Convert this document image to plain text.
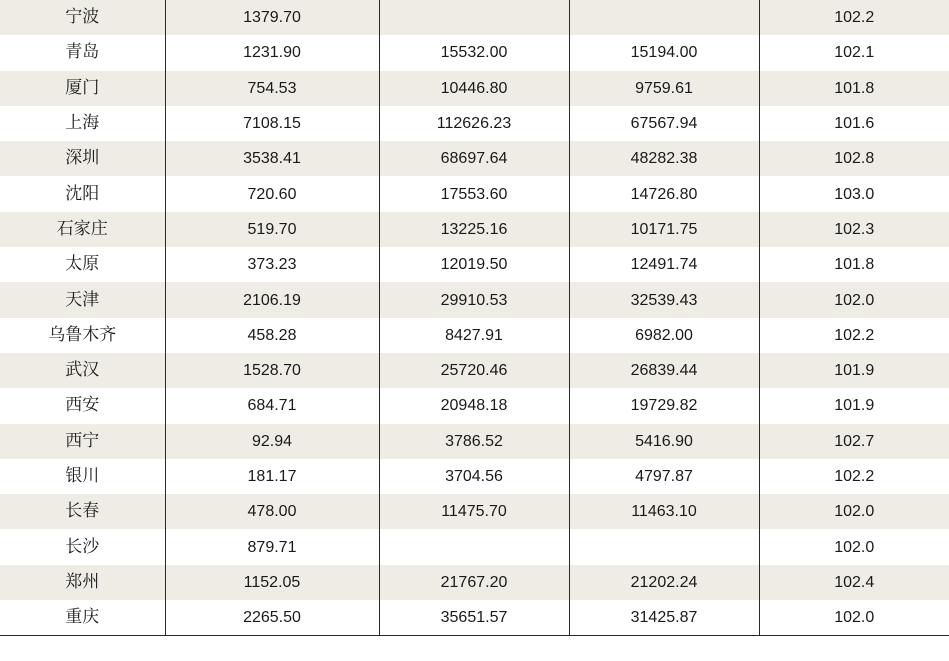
宁波	1379.70			102.2
青岛	1231.90	15532.00	15194.00	102.1
厦门	754.53	10446.80	9759.61	101.8
上海	7108.15	112626.23	67567.94	101.6
深圳	3538.41	68697.64	48282.38	102.8
沈阳	720.60	17553.60	14726.80	103.0
石家庄	519.70	13225.16	10171.75	102.3
太原	373.23	12019.50	12491.74	101.8
天津	2106.19	29910.53	32539.43	102.0
乌鲁木齐	458.28	8427.91	6982.00	102.2
武汉	1528.70	25720.46	26839.44	101.9
西安	684.71	20948.18	19729.82	101.9
西宁	92.94	3786.52	5416.90	102.7
银川	181.17	3704.56	4797.87	102.2
长春	478.00	11475.70	11463.10	102.0
长沙	879.71			102.0
郑州	1152.05	21767.20	21202.24	102.4
重庆	2265.50	35651.57	31425.87	102.0
